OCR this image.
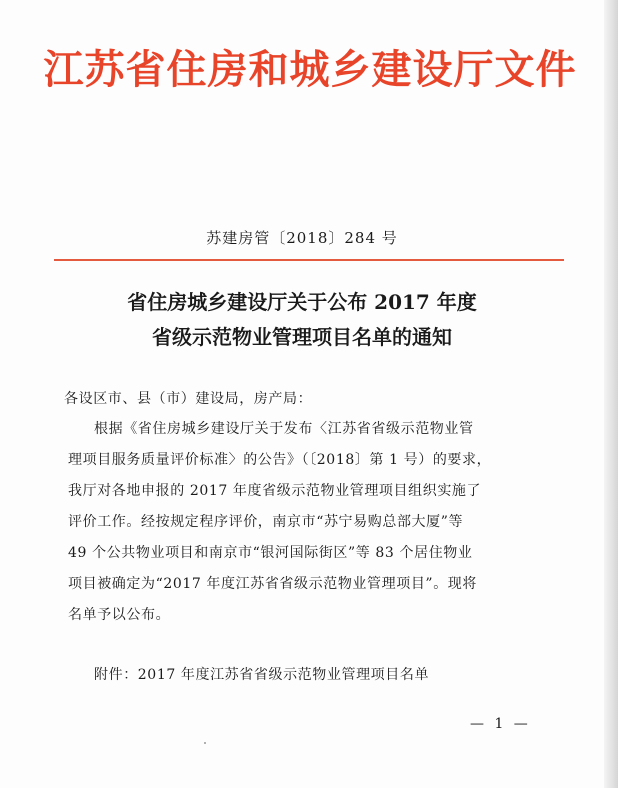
江苏省住房和城乡建设厅文件
苏建房管〔2018〕284 号
省住房城乡建设厅关于公布 2017 年度
省级示范物业管理项目名单的通知
各设区市、县（市）建设局，房产局：
根据《省住房城乡建设厅关于发布〈江苏省省级示范物业管
理项目服务质量评价标准〉的公告》（〔2018〕第 1 号）的要求，
我厅对各地申报的 2017 年度省级示范物业管理项目组织实施了
评价工作。经按规定程序评价，南京市“苏宁易购总部大厦”等
49 个公共物业项目和南京市“银河国际街区”等 83 个居住物业
项目被确定为“2017 年度江苏省省级示范物业管理项目”。现将
名单予以公布。
附件：2017 年度江苏省省级示范物业管理项目名单
— 1 —
